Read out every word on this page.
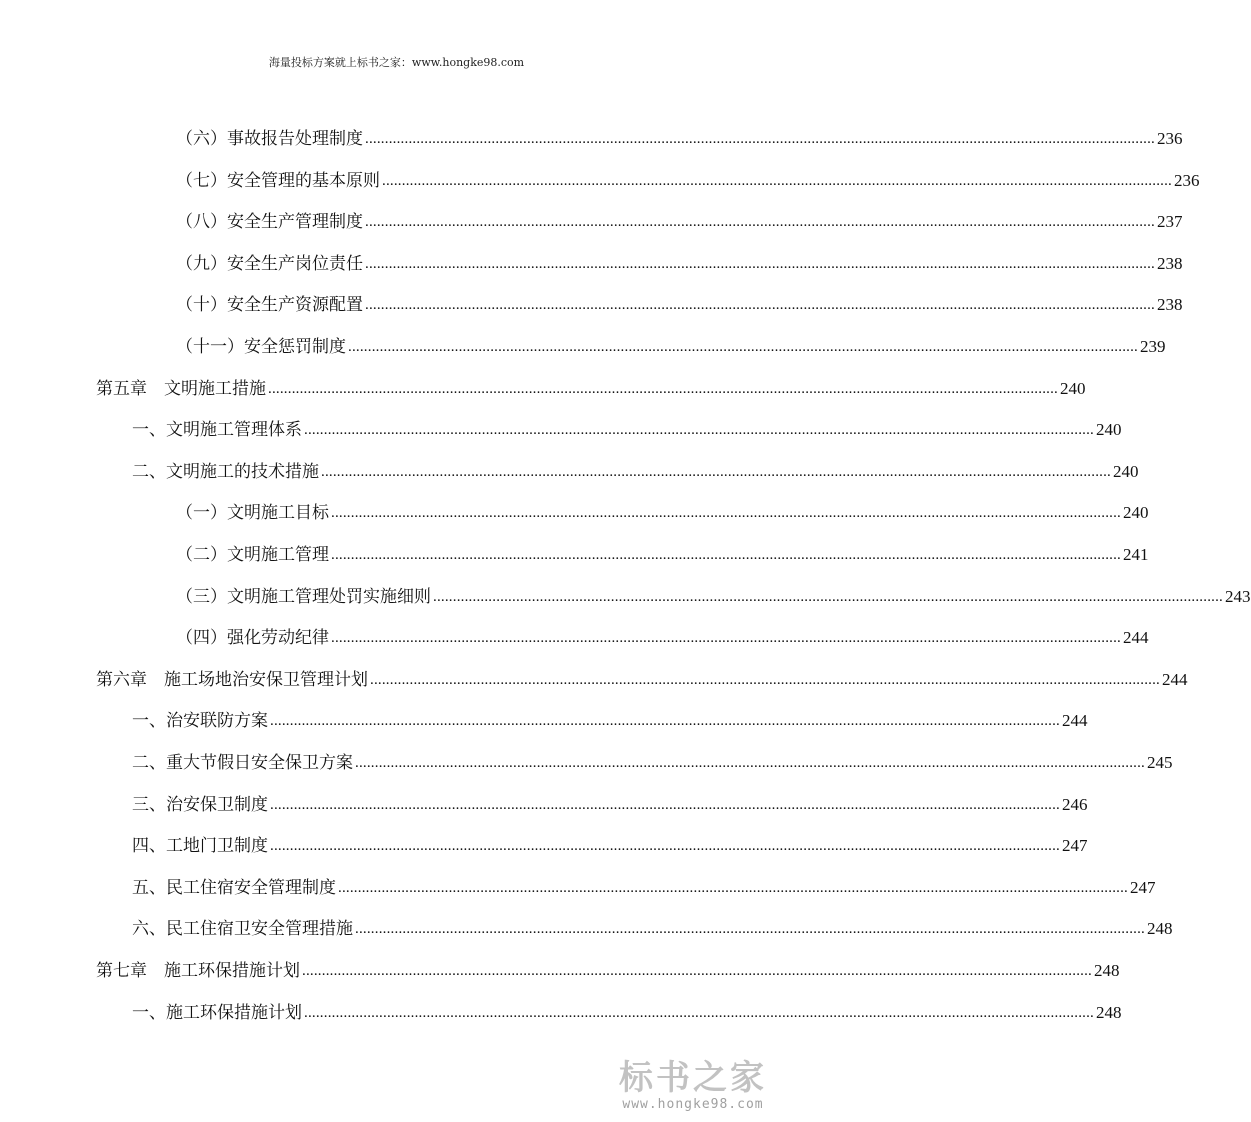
海量投标方案就上标书之家：www.hongke98.com
（六）事故报告处理制度 ........................................................................................................................................................................................................ 236
（七）安全管理的基本原则 ........................................................................................................................................................................................................ 236
（八）安全生产管理制度 ........................................................................................................................................................................................................ 237
（九）安全生产岗位责任 ........................................................................................................................................................................................................ 238
（十）安全生产资源配置 ........................................................................................................................................................................................................ 238
（十一）安全惩罚制度 ........................................................................................................................................................................................................ 239
第五章　文明施工措施 ........................................................................................................................................................................................................ 240
一、文明施工管理体系 ........................................................................................................................................................................................................ 240
二、文明施工的技术措施 ........................................................................................................................................................................................................ 240
（一）文明施工目标 ........................................................................................................................................................................................................ 240
（二）文明施工管理 ........................................................................................................................................................................................................ 241
（三）文明施工管理处罚实施细则 ........................................................................................................................................................................................................ 243
（四）强化劳动纪律 ........................................................................................................................................................................................................ 244
第六章　施工场地治安保卫管理计划 ........................................................................................................................................................................................................ 244
一、治安联防方案 ........................................................................................................................................................................................................ 244
二、重大节假日安全保卫方案 ........................................................................................................................................................................................................ 245
三、治安保卫制度 ........................................................................................................................................................................................................ 246
四、工地门卫制度 ........................................................................................................................................................................................................ 247
五、民工住宿安全管理制度 ........................................................................................................................................................................................................ 247
六、民工住宿卫安全管理措施 ........................................................................................................................................................................................................ 248
第七章　施工环保措施计划 ........................................................................................................................................................................................................ 248
一、施工环保措施计划 ........................................................................................................................................................................................................ 248
标书之家
www.hongke98.com
